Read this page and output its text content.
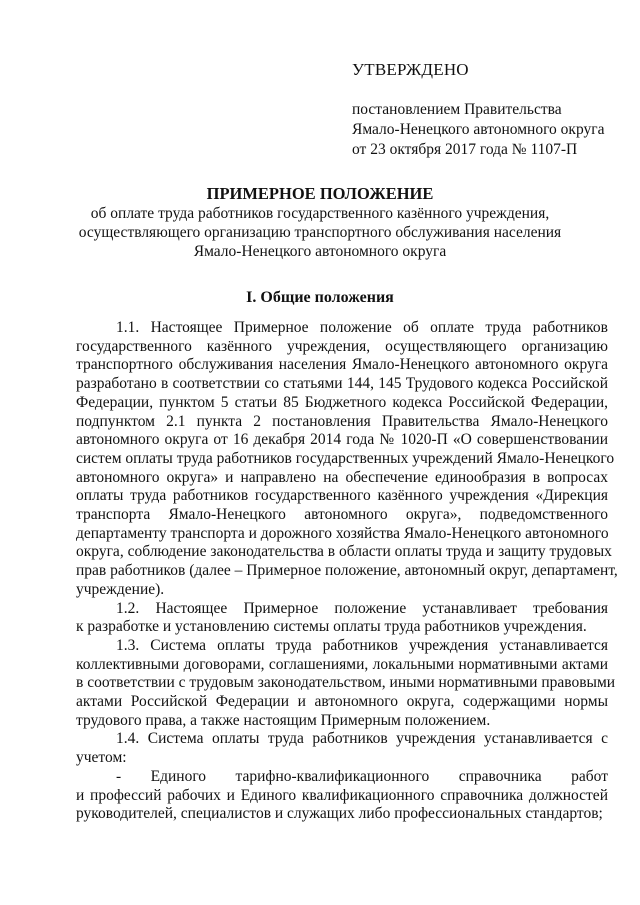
УТВЕРЖДЕНО
постановлением Правительства
Ямало-Ненецкого автономного округа
от 23 октября 2017 года № 1107-П
ПРИМЕРНОЕ ПОЛОЖЕНИЕ
об оплате труда работников государственного казённого учреждения,
осуществляющего организацию транспортного обслуживания населения
Ямало-Ненецкого автономного округа
I. Общие положения
1.1. Настоящее Примерное положение об оплате труда работников
государственного казённого учреждения, осуществляющего организацию
транспортного обслуживания населения Ямало-Ненецкого автономного округа
разработано в соответствии со статьями 144, 145 Трудового кодекса Российской
Федерации, пунктом 5 статьи 85 Бюджетного кодекса Российской Федерации,
подпунктом 2.1 пункта 2 постановления Правительства Ямало-Ненецкого
автономного округа от 16 декабря 2014 года № 1020-П «О совершенствовании
систем оплаты труда работников государственных учреждений Ямало-Ненецкого
автономного округа» и направлено на обеспечение единообразия в вопросах
оплаты труда работников государственного казённого учреждения «Дирекция
транспорта Ямало-Ненецкого автономного округа», подведомственного
департаменту транспорта и дорожного хозяйства Ямало-Ненецкого автономного
округа, соблюдение законодательства в области оплаты труда и защиту трудовых
прав работников (далее – Примерное положение, автономный округ, департамент,
учреждение).
1.2. Настоящее Примерное положение устанавливает требования
к разработке и установлению системы оплаты труда работников учреждения.
1.3. Система оплаты труда работников учреждения устанавливается
коллективными договорами, соглашениями, локальными нормативными актами
в соответствии с трудовым законодательством, иными нормативными правовыми
актами Российской Федерации и автономного округа, содержащими нормы
трудового права, а также настоящим Примерным положением.
1.4. Система оплаты труда работников учреждения устанавливается с
учетом:
- Единого тарифно-квалификационного справочника работ
и профессий рабочих и Единого квалификационного справочника должностей
руководителей, специалистов и служащих либо профессиональных стандартов;
